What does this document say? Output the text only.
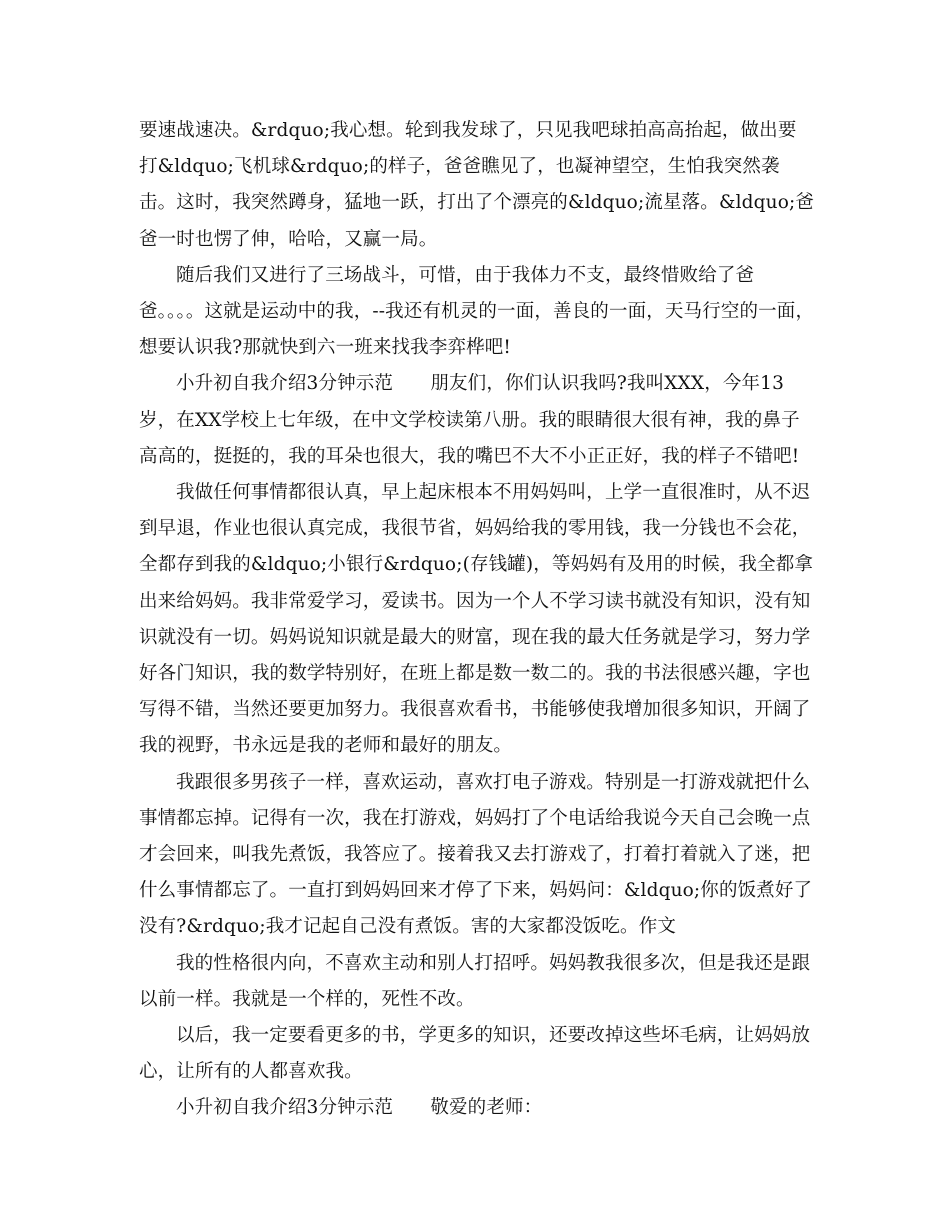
要速战速决。&rdquo;我心想。轮到我发球了，只见我吧球拍高高抬起，做出要打&ldquo;飞机球&rdquo;的样子，爸爸瞧见了，也凝神望空，生怕我突然袭击。这时，我突然蹲身，猛地一跃，打出了个漂亮的&ldquo;流星落。&ldquo;爸爸一时也愣了伸，哈哈，又赢一局。

随后我们又进行了三场战斗，可惜，由于我体力不支，最终惜败给了爸爸。。。。这就是运动中的我，--我还有机灵的一面，善良的一面，天马行空的一面，想要认识我?那就快到六一班来找我李弈桦吧!

小升初自我介绍3分钟示范　　朋友们，你们认识我吗?我叫XXX，今年13岁，在XX学校上七年级，在中文学校读第八册。我的眼睛很大很有神，我的鼻子高高的，挺挺的，我的耳朵也很大，我的嘴巴不大不小正正好，我的样子不错吧!

我做任何事情都很认真，早上起床根本不用妈妈叫，上学一直很准时，从不迟到早退，作业也很认真完成，我很节省，妈妈给我的零用钱，我一分钱也不会花，全都存到我的&ldquo;小银行&rdquo;(存钱罐)，等妈妈有及用的时候，我全都拿出来给妈妈。我非常爱学习，爱读书。因为一个人不学习读书就没有知识，没有知识就没有一切。妈妈说知识就是最大的财富，现在我的最大任务就是学习，努力学好各门知识，我的数学特别好，在班上都是数一数二的。我的书法很感兴趣，字也写得不错，当然还要更加努力。我很喜欢看书，书能够使我增加很多知识，开阔了我的视野，书永远是我的老师和最好的朋友。

我跟很多男孩子一样，喜欢运动，喜欢打电子游戏。特别是一打游戏就把什么事情都忘掉。记得有一次，我在打游戏，妈妈打了个电话给我说今天自己会晚一点才会回来，叫我先煮饭，我答应了。接着我又去打游戏了，打着打着就入了迷，把什么事情都忘了。一直打到妈妈回来才停了下来，妈妈问：&ldquo;你的饭煮好了没有?&rdquo;我才记起自己没有煮饭。害的大家都没饭吃。作文

我的性格很内向，不喜欢主动和别人打招呼。妈妈教我很多次，但是我还是跟以前一样。我就是一个样的，死性不改。

以后，我一定要看更多的书，学更多的知识，还要改掉这些坏毛病，让妈妈放心，让所有的人都喜欢我。

小升初自我介绍3分钟示范　　敬爱的老师：
